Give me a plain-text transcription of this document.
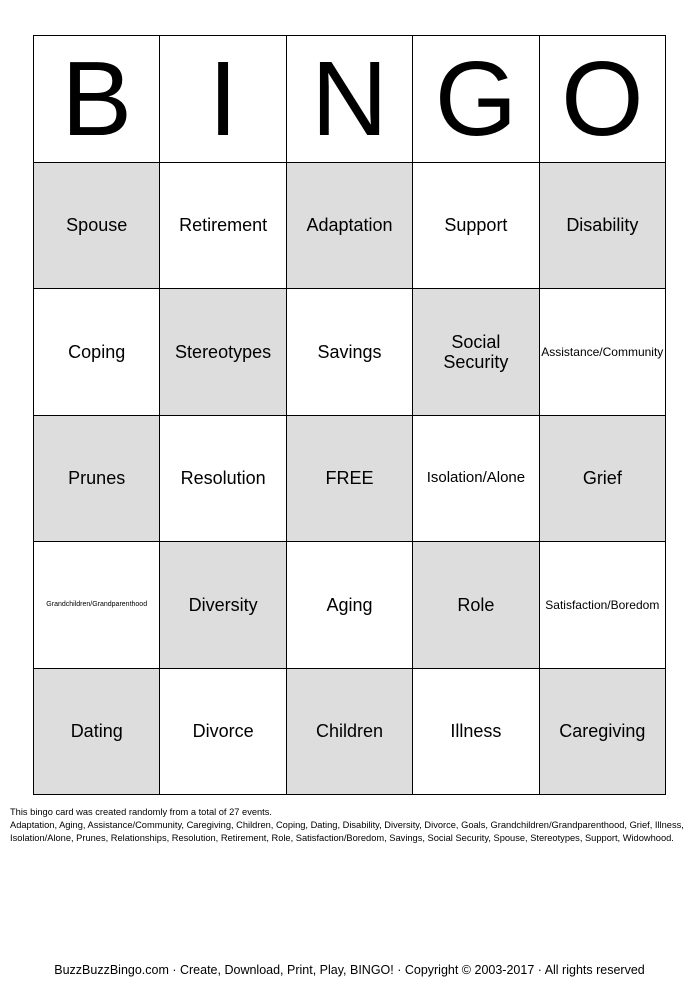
B I N G O
Spouse	Retirement	Adaptation	Support	Disability
Coping	Stereotypes	Savings	Social Security	Assistance/Community
Prunes	Resolution	FREE	Isolation/Alone	Grief
Grandchildren/Grandparenthood	Diversity	Aging	Role	Satisfaction/Boredom
Dating	Divorce	Children	Illness	Caregiving

This bingo card was created randomly from a total of 27 events.

Adaptation, Aging, Assistance/Community, Caregiving, Children, Coping, Dating, Disability, Diversity, Divorce, Goals, Grandchildren/Grandparenthood, Grief, Illness, Isolation/Alone, Prunes, Relationships, Resolution, Retirement, Role, Satisfaction/Boredom, Savings, Social Security, Spouse, Stereotypes, Support, Widowhood.

BuzzBuzzBingo.com · Create, Download, Print, Play, BINGO! · Copyright © 2003-2017 · All rights reserved
